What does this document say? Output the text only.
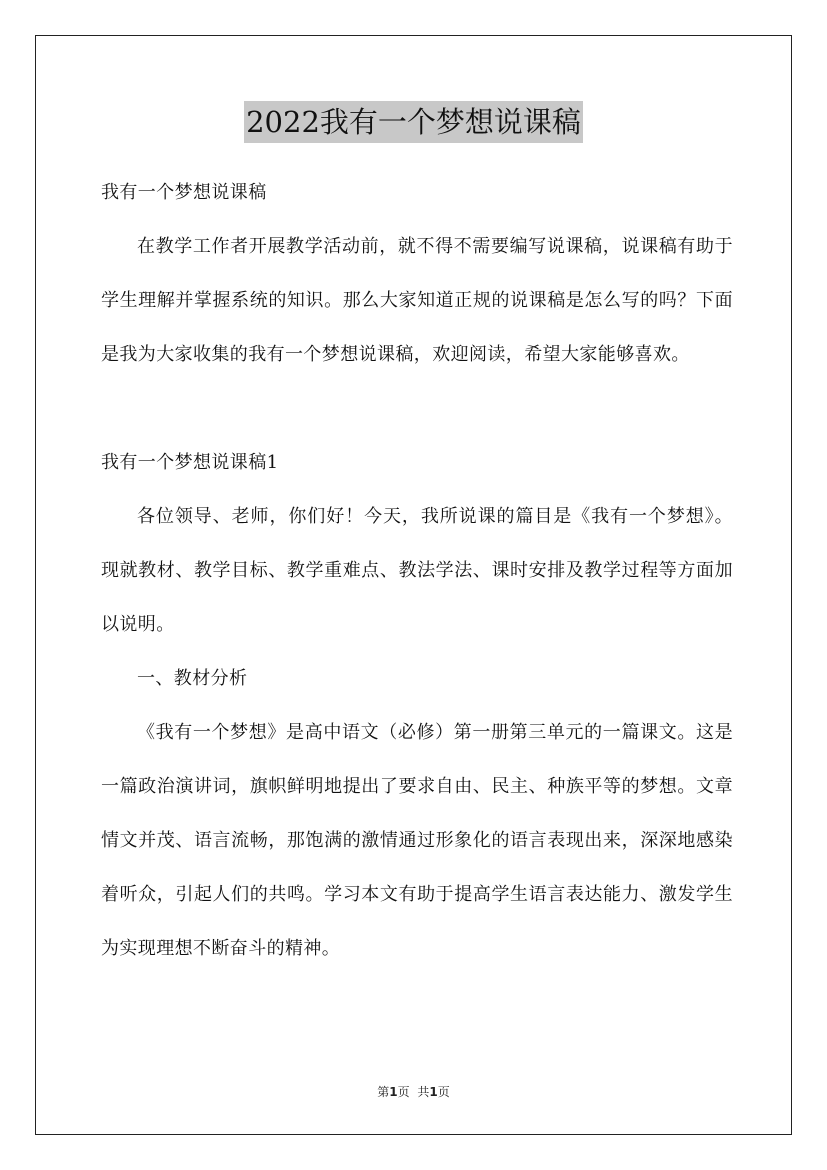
2022我有一个梦想说课稿

我有一个梦想说课稿

在教学工作者开展教学活动前，就不得不需要编写说课稿，说课稿有助于学生理解并掌握系统的知识。那么大家知道正规的说课稿是怎么写的吗？下面是我为大家收集的我有一个梦想说课稿，欢迎阅读，希望大家能够喜欢。

我有一个梦想说课稿1

各位领导、老师，你们好！今天，我所说课的篇目是《我有一个梦想》。现就教材、教学目标、教学重难点、教法学法、课时安排及教学过程等方面加以说明。

一、教材分析

《我有一个梦想》是高中语文（必修）第一册第三单元的一篇课文。这是一篇政治演讲词，旗帜鲜明地提出了要求自由、民主、种族平等的梦想。文章情文并茂、语言流畅，那饱满的激情通过形象化的语言表现出来，深深地感染着听众，引起人们的共鸣。学习本文有助于提高学生语言表达能力、激发学生为实现理想不断奋斗的精神。

第1页 共1页
